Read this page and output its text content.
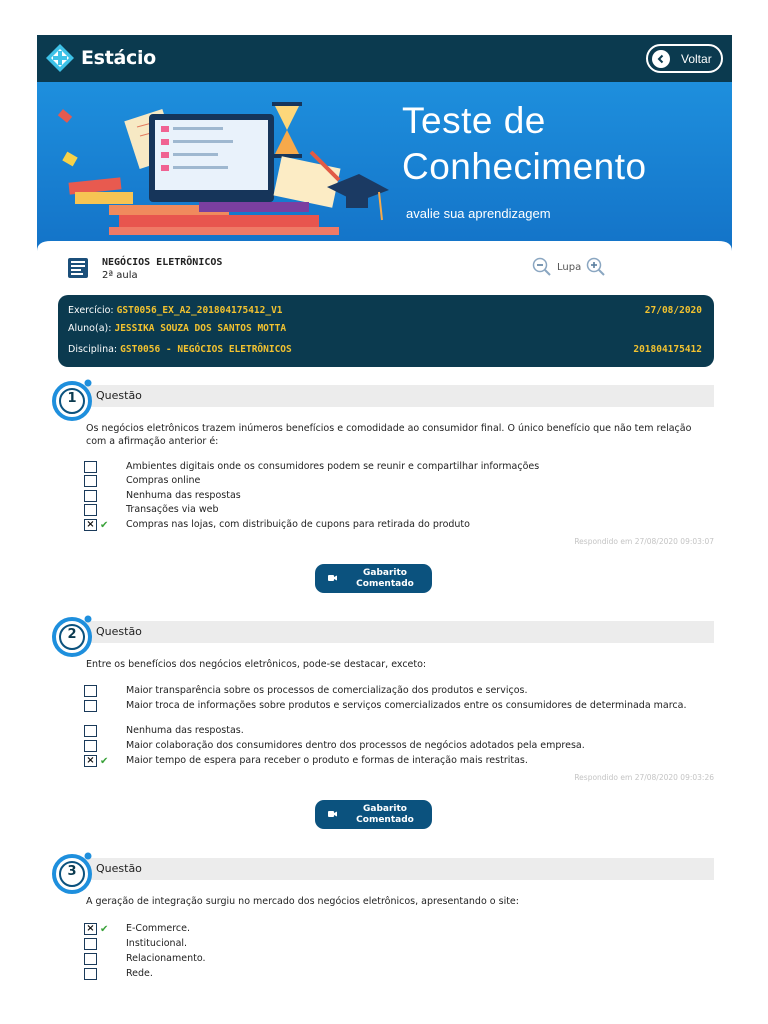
Estácio	Voltar
Teste de
Conhecimento
avalie sua aprendizagem
NEGÓCIOS ELETRÔNICOS
2ª aula
Lupa
Exercício: GST0056_EX_A2_201804175412_V1	27/08/2020
Aluno(a): JESSIKA SOUZA DOS SANTOS MOTTA
Disciplina: GST0056 - NEGÓCIOS ELETRÔNICOS	201804175412
1	Questão
Os negócios eletrônicos trazem inúmeros benefícios e comodidade ao consumidor final. O único benefício que não tem relação com a afirmação anterior é:
Ambientes digitais onde os consumidores podem se reunir e compartilhar informações
Compras online
Nenhuma das respostas
Transações via web
× ✔ Compras nas lojas, com distribuição de cupons para retirada do produto
Respondido em 27/08/2020 09:03:07
Gabarito Comentado
2	Questão
Entre os benefícios dos negócios eletrônicos, pode-se destacar, exceto:
Maior transparência sobre os processos de comercialização dos produtos e serviços.
Maior troca de informações sobre produtos e serviços comercializados entre os consumidores de determinada marca.
Nenhuma das respostas.
Maior colaboração dos consumidores dentro dos processos de negócios adotados pela empresa.
× ✔ Maior tempo de espera para receber o produto e formas de interação mais restritas.
Respondido em 27/08/2020 09:03:26
Gabarito Comentado
3	Questão
A geração de integração surgiu no mercado dos negócios eletrônicos, apresentando o site:
× ✔ E-Commerce.
Institucional.
Relacionamento.
Rede.
